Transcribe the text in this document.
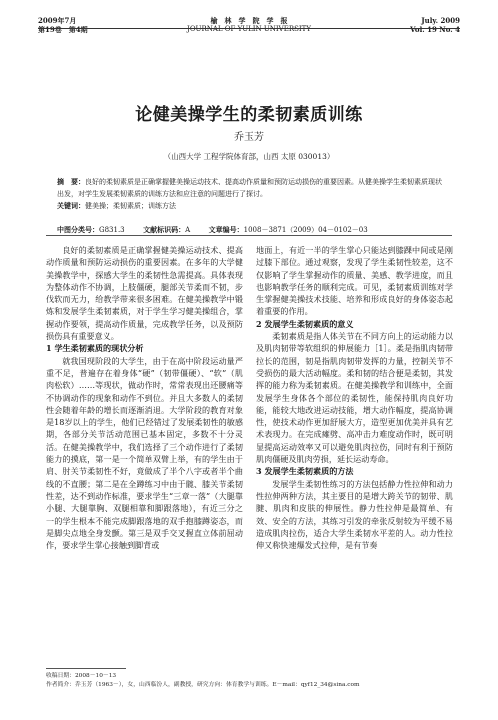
2009年7月
第19卷　第4期
榆　林　学　院　学　报
JOURNAL OF YULIN UNIVERSITY
July. 2009
Vol. 19 No. 4
论健美操学生的柔韧素质训练
乔玉芳
（山西大学 工程学院体育部，山西 太原 030013）
摘　要：良好的柔韧素质是正确掌握健美操运动技术、提高动作质量和预防运动损伤的重要因素。从健美操学生柔韧素质现状出发，对学生发展柔韧素质的训练方法和应注意的问题进行了探讨。
关键词：健美操；柔韧素质；训练方法
中图分类号：G831.3	文献标识码：A	文章编号：1008－3871（2009）04－0102－03

良好的柔韧素质是正确掌握健美操运动技术、提高动作质量和预防运动损伤的重要因素。在多年的大学健美操教学中，探感大学生的柔韧性急需提高。具体表现为整体动作不协调，上肢僵硬，腿部关节柔而不韧，步伐软而无力，给教学带来很多困难。在健美操教学中锻炼和发展学生柔韧素质，对于学生学习健美操组合，掌握动作要领，提高动作质量，完成教学任务，以及预防损伤具有重要意义。

1 学生柔韧素质的现状分析

就我国现阶段的大学生，由于在高中阶段运动量严重不足，普遍存在着身体“硬”（韧带僵硬）、“软”（肌肉松软）……等现状，做动作时，常常表现出还腰痛等不协调动作的现象和动作不到位。并且大多数人的柔韧性会随着年龄的增长而逐渐消退。大学阶段的教育对象是18岁以上的学生，他们已经错过了发展柔韧性的敏感期，各部分关节活动范围已基本固定，多数不十分灵活。在健美操教学中，我们选择了三个动作进行了柔韧能力的摸底，第一是一个简单双臂上举，有的学生由于肩、肘关节柔韧性不好，竟做成了半个八字或者半个曲线的不直腰；第二是在全蹲练习中由于髋、膝关节柔韧性差，达不到动作标准，要求学生“三章一落”（大腿靠小腿、大腿靠胸、双腿相靠和脚跟落地），有近三分之一的学生根本不能完成脚跟落地的双手抱膝蹲姿态，而是脚尖点地全身发颤。第三是双手交叉握直立体前屈动作，要求学生掌心接触到脚背或

地面上，有近一半的学生掌心只能达到膝踝中间或是刚过膝下部位。通过观察，发现了学生柔韧性较差，这不仅影响了学生掌握动作的质量、美感、教学进度，而且也影响教学任务的顺利完成。可见，柔韧素质训练对学生掌握健美操技术技能、培养和形成良好的身体姿态起着重要的作用。

2 发展学生柔韧素质的意义

柔韧素质是指人体关节在不同方向上的运动能力以及肌肉韧带等软组织的伸展能力［1］。柔是指肌肉韧带拉长的范围，韧是指肌肉韧带发挥的力量，控制关节不受损伤的最大活动幅度。柔和韧的结合便是柔韧，其发挥的能力称为柔韧素质。在健美操教学和训练中，全面发展学生身体各个部位的柔韧性，能保持肌肉良好功能，能较大地改进运动技能，增大动作幅度，提高协调性，使技术动作更加舒展大方，造型更加优美并具有艺术表现力。在完成瘫劈、高冲击力难度动作时，既可明显提高运动效率又可以避免肌肉拉伤，同时有利于预防肌肉僵硬及肌肉劳损，延长运动寿命。

3 发展学生柔韧素质的方法

发展学生柔韧性练习的方法包括静力性拉伸和动力性拉伸两种方法，其主要目的是增大跨关节的韧带、肌腱、肌肉和皮肤的伸展性。静力性拉伸是最简单、有效、安全的方法，其练习引发的牵张反射较为平缓不易造成肌肉拉伤，适合大学生柔韧水平差的人。动力性拉伸又称快速爆发式拉伸，是有节奏

收稿日期：2008－10－13
作者简介：乔玉芳（1963－），女，山西临汾人，副教授，研究方向：体育教学与训练。E－mail：qyf12_34@sina.com
